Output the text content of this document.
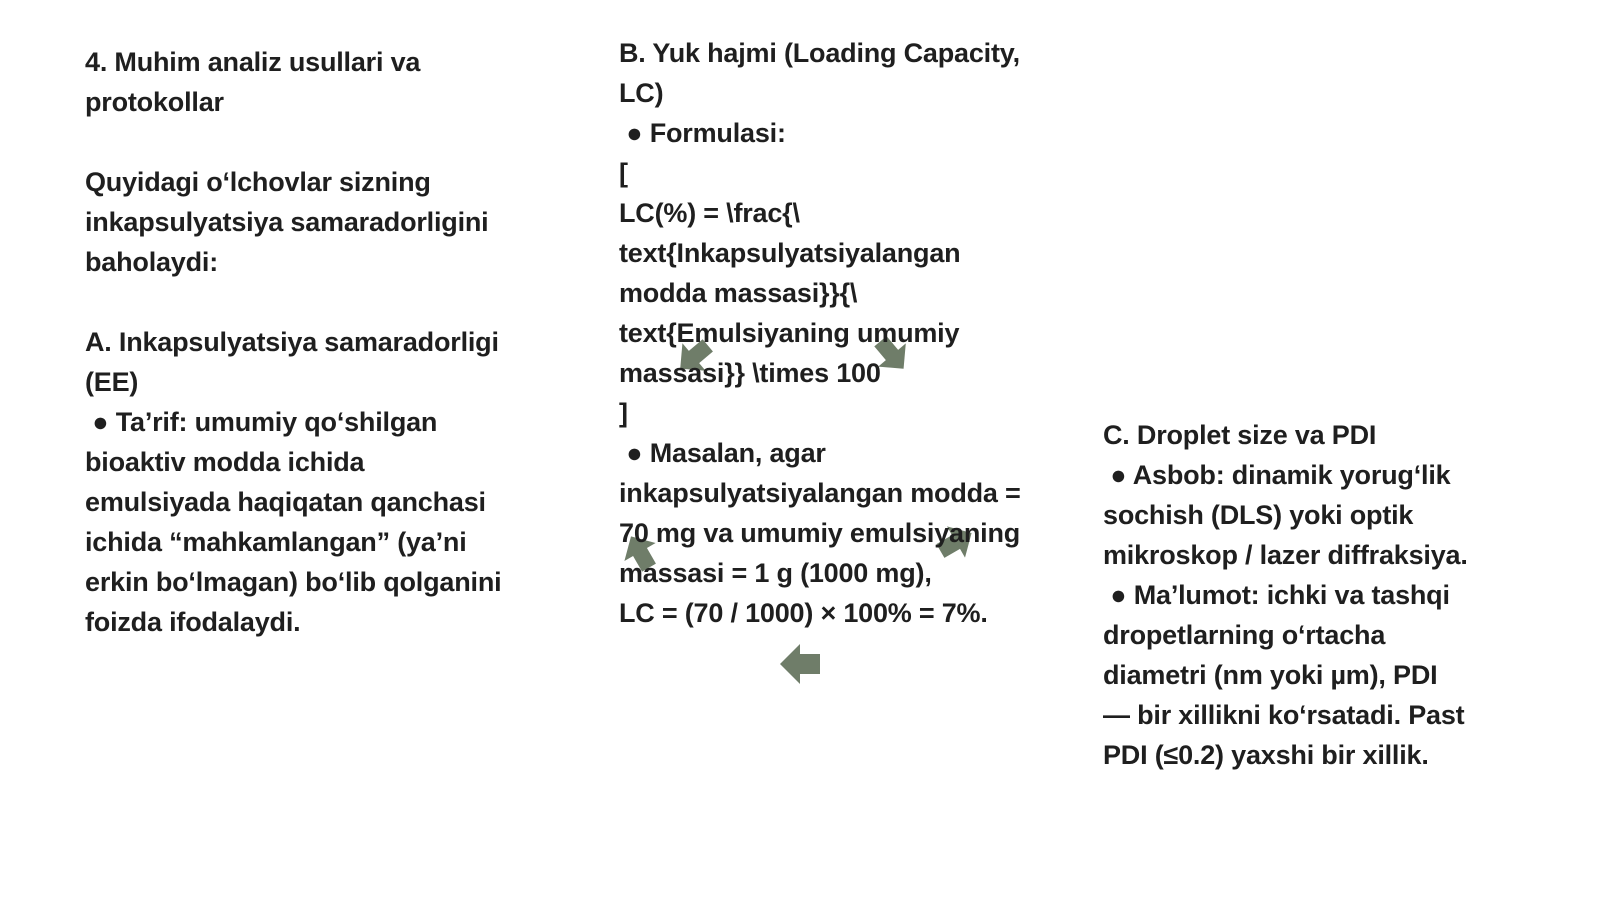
4. Muhim analiz usullari va
protokollar
Quyidagi o‘lchovlar sizning
inkapsulyatsiya samaradorligini
baholaydi:
A. Inkapsulyatsiya samaradorligi
(EE)
● Ta’rif: umumiy qo‘shilgan
bioaktiv modda ichida
emulsiyada haqiqatan qanchasi
ichida “mahkamlangan” (ya’ni
erkin bo‘lmagan) bo‘lib qolganini
foizda ifodalaydi.
B. Yuk hajmi (Loading Capacity,
LC)
● Formulasi:
[
LC(%) = \frac{\
text{Inkapsulyatsiyalangan
modda massasi}}{\
text{Emulsiyaning umumiy
massasi}} \times 100
]
● Masalan, agar
inkapsulyatsiyalangan modda =
70 mg va umumiy emulsiyaning
massasi = 1 g (1000 mg),
LC = (70 / 1000) × 100% = 7%.
C. Droplet size va PDI
● Asbob: dinamik yorug‘lik
sochish (DLS) yoki optik
mikroskop / lazer diffraksiya.
● Ma’lumot: ichki va tashqi
dropetlarning o‘rtacha
diametri (nm yoki µm), PDI
— bir xillikni ko‘rsatadi. Past
PDI (≤0.2) yaxshi bir xillik.
